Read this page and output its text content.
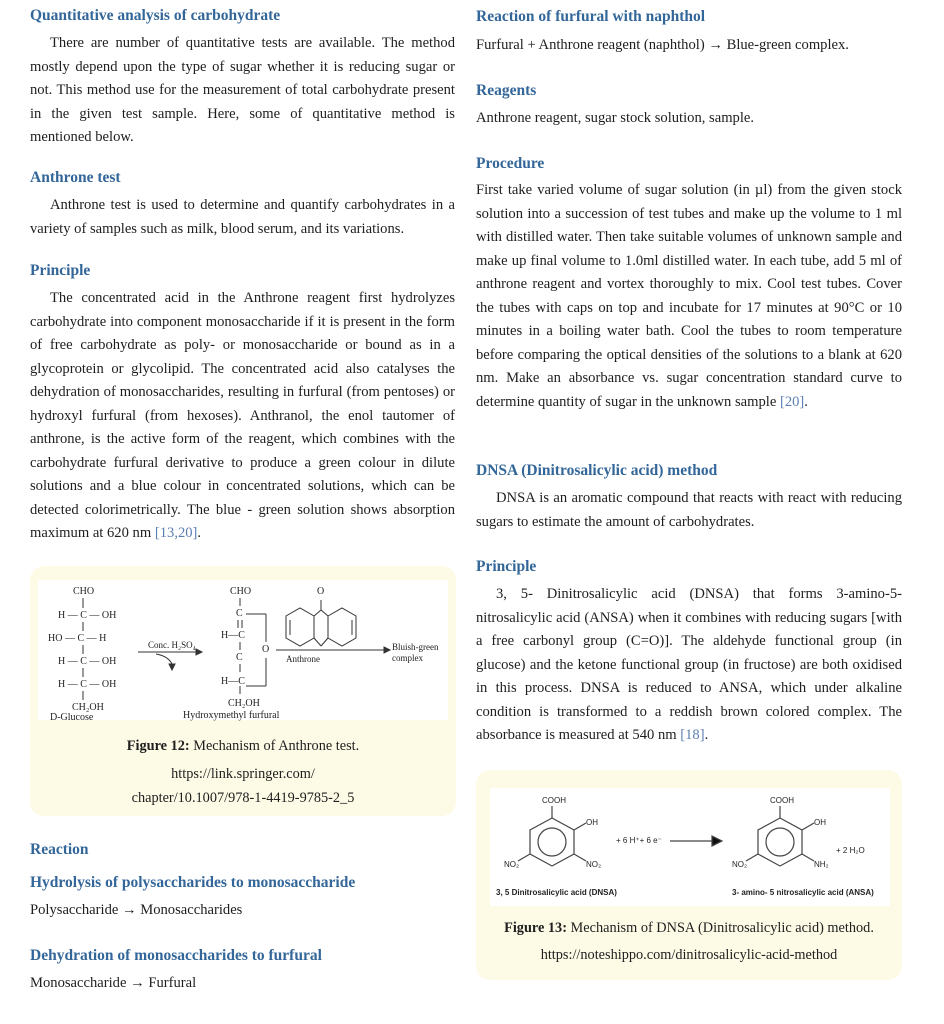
Quantitative analysis of carbohydrate

There are number of quantitative tests are available. The method mostly depend upon the type of sugar whether it is reducing sugar or not. This method use for the measurement of total carbohydrate present in the given test sample. Here, some of quantitative method is mentioned below.

Anthrone test

Anthrone test is used to determine and quantify carbohydrates in a variety of samples such as milk, blood serum, and its variations.

Principle

The concentrated acid in the Anthrone reagent first hydrolyzes carbohydrate into component monosaccharide if it is present in the form of free carbohydrate as poly- or monosaccharide or bound as in a glycoprotein or glycolipid. The concentrated acid also catalyses the dehydration of monosaccharides, resulting in furfural (from pentoses) or hydroxyl furfural (from hexoses). Anthranol, the enol tautomer of anthrone, is the active form of the reagent, which combines with the carbohydrate furfural derivative to produce a green colour in dilute solutions and a blue colour in concentrated solutions, which can be detected colorimetrically. The blue - green solution shows absorption maximum at 620 nm [13,20].

CHO
H — C — OH
HO — C — H
H — C — OH
H — C — OH
CH₂OH
D-Glucose
O
Conc. H₂SO₄
CHO
C
H—C
O
C
H—C
CH₂OH
Hydroxymethyl furfural
Anthrone
Bluish-green
complex
Figure 12: Mechanism of Anthrone test.
https://link.springer.com/
chapter/10.1007/978-1-4419-9785-2_5
Reaction
Hydrolysis of polysaccharides to monosaccharide

Polysaccharide → Monosaccharides

Dehydration of monosaccharides to furfural

Monosaccharide → Furfural

Reaction of furfural with naphthol

Furfural + Anthrone reagent (naphthol) → Blue-green complex.

Reagents

Anthrone reagent, sugar stock solution, sample.

Procedure

First take varied volume of sugar solution (in µl) from the given stock solution into a succession of test tubes and make up the volume to 1 ml with distilled water. Then take suitable volumes of unknown sample and make up final volume to 1.0ml distilled water. In each tube, add 5 ml of anthrone reagent and vortex thoroughly to mix. Cool test tubes. Cover the tubes with caps on top and incubate for 17 minutes at 90°C or 10 minutes in a boiling water bath. Cool the tubes to room temperature before comparing the optical densities of the solutions to a blank at 620 nm. Make an absorbance vs. sugar concentration standard curve to determine quantity of sugar in the unknown sample [20].

DNSA (Dinitrosalicylic acid) method

DNSA is an aromatic compound that reacts with react with reducing sugars to estimate the amount of carbohydrates.

Principle

3, 5- Dinitrosalicylic acid (DNSA) that forms 3-amino-5-nitrosalicylic acid (ANSA) when it combines with reducing sugars [with a free carbonyl group (C=O)]. The aldehyde functional group (in glucose) and the ketone functional group (in fructose) are both oxidised in this process. DNSA is reduced to ANSA, which under alkaline condition is transformed to a reddish brown colored complex. The absorbance is measured at 540 nm [18].

COOH
OH
NO₂
NO₂
+ 6 H⁺+ 6 e⁻
COOH
OH
NH₂
NO₂
+ 2 H₂O
3, 5 Dinitrosalicylic acid (DNSA)	3- amino- 5 nitrosalicylic acid (ANSA)
Figure 13: Mechanism of DNSA (Dinitrosalicylic acid) method.
https://noteshippo.com/dinitrosalicylic-acid-method
